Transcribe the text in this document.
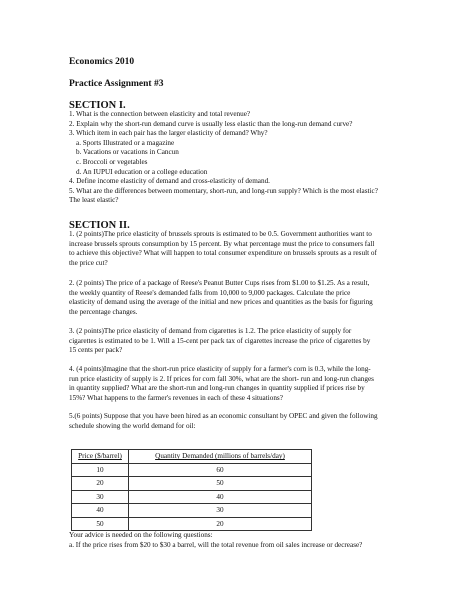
Economics 2010
Practice Assignment #3
SECTION I.
1. What is the connection between elasticity and total revenue?
2. Explain why the short-run demand curve is usually less elastic than the long-run demand curve?
3. Which item in each pair has the larger elasticity of demand? Why?
a. Sports Illustrated or a magazine
b. Vacations or vacations in Cancun
c. Broccoli or vegetables
d. An IUPUI education or a college education
4. Define income elasticity of demand and cross-elasticity of demand.
5. What are the differences between momentary, short-run, and long-run supply? Which is the most elastic?
The least elastic?
SECTION II.
1. (2 points)The price elasticity of brussels sprouts is estimated to be 0.5. Government authorities want to
increase brussels sprouts consumption by 15 percent. By what percentage must the price to consumers fall
to achieve this objective? What will happen to total consumer expenditure on brussels sprouts as a result of
the price cut?
2. (2 points) The price of a package of Reese's Peanut Butter Cups rises from $1.00 to $1.25. As a result,
the weekly quantity of Reese's demanded falls from 10,000 to 9,000 packages. Calculate the price
elasticity of demand using the average of the initial and new prices and quantities as the basis for figuring
the percentage changes.
3. (2 points)The price elasticity of demand from cigarettes is 1.2. The price elasticity of supply for
cigarettes is estimated to be 1. Will a 15-cent per pack tax of cigarettes increase the price of cigarettes by
15 cents per pack?
4. (4 points)Imagine that the short-run price elasticity of supply for a farmer's corn is 0.3, while the long-
run price elasticity of supply is 2. If prices for corn fall 30%, what are the short- run and long-run changes
in quantity supplied? What are the short-run and long-run changes in quantity supplied if prices rise by
15%? What happens to the farmer's revenues in each of these 4 situations?
5.(6 points) Suppose that you have been hired as an economic consultant by OPEC and given the following
schedule showing the world demand for oil:
Price ($/barrel)	Quantity Demanded (millions of barrels/day)
10	60
20	50
30	40
40	30
50	20
Your advice is needed on the following questions:
a. If the price rises from $20 to $30 a barrel, will the total revenue from oil sales increase or decrease?
